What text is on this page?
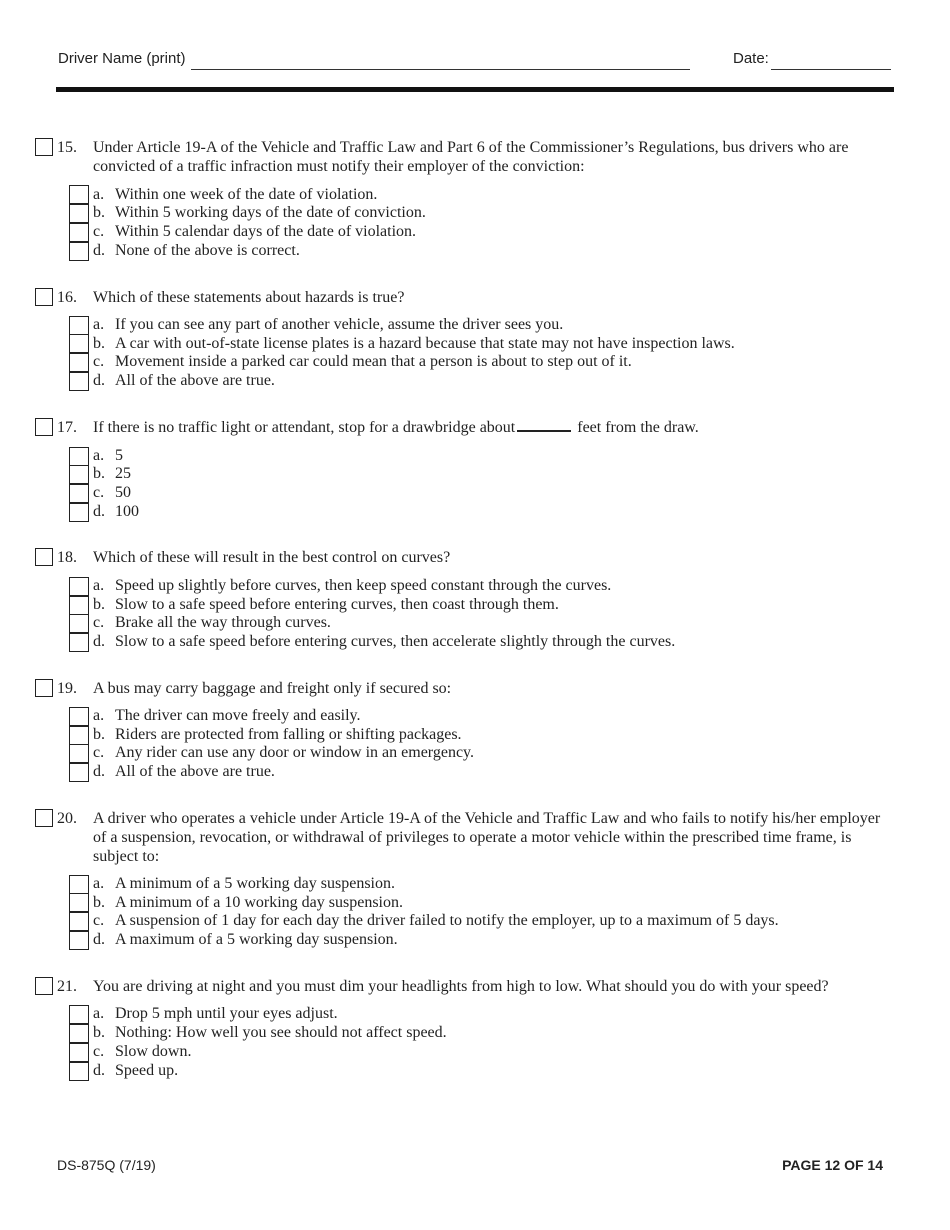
Driver Name (print)	Date:
15. Under Article 19-A of the Vehicle and Traffic Law and Part 6 of the Commissioner’s Regulations, bus drivers who are convicted of a traffic infraction must notify their employer of the conviction:
a. Within one week of the date of violation.
b. Within 5 working days of the date of conviction.
c. Within 5 calendar days of the date of violation.
d. None of the above is correct.
16. Which of these statements about hazards is true?
a. If you can see any part of another vehicle, assume the driver sees you.
b. A car with out-of-state license plates is a hazard because that state may not have inspection laws.
c. Movement inside a parked car could mean that a person is about to step out of it.
d. All of the above are true.
17. If there is no traffic light or attendant, stop for a drawbridge about	feet from the draw.
a. 5
b. 25
c. 50
d. 100
18. Which of these will result in the best control on curves?
a. Speed up slightly before curves, then keep speed constant through the curves.
b. Slow to a safe speed before entering curves, then coast through them.
c. Brake all the way through curves.
d. Slow to a safe speed before entering curves, then accelerate slightly through the curves.
19. A bus may carry baggage and freight only if secured so:
a. The driver can move freely and easily.
b. Riders are protected from falling or shifting packages.
c. Any rider can use any door or window in an emergency.
d. All of the above are true.
20. A driver who operates a vehicle under Article 19-A of the Vehicle and Traffic Law and who fails to notify his/her employer of a suspension, revocation, or withdrawal of privileges to operate a motor vehicle within the prescribed time frame, is subject to:
a. A minimum of a 5 working day suspension.
b. A minimum of a 10 working day suspension.
c. A suspension of 1 day for each day the driver failed to notify the employer, up to a maximum of 5 days.
d. A maximum of a 5 working day suspension.
21. You are driving at night and you must dim your headlights from high to low. What should you do with your speed?
a. Drop 5 mph until your eyes adjust.
b. Nothing: How well you see should not affect speed.
c. Slow down.
d. Speed up.
DS-875Q (7/19)	PAGE 12 OF 14
